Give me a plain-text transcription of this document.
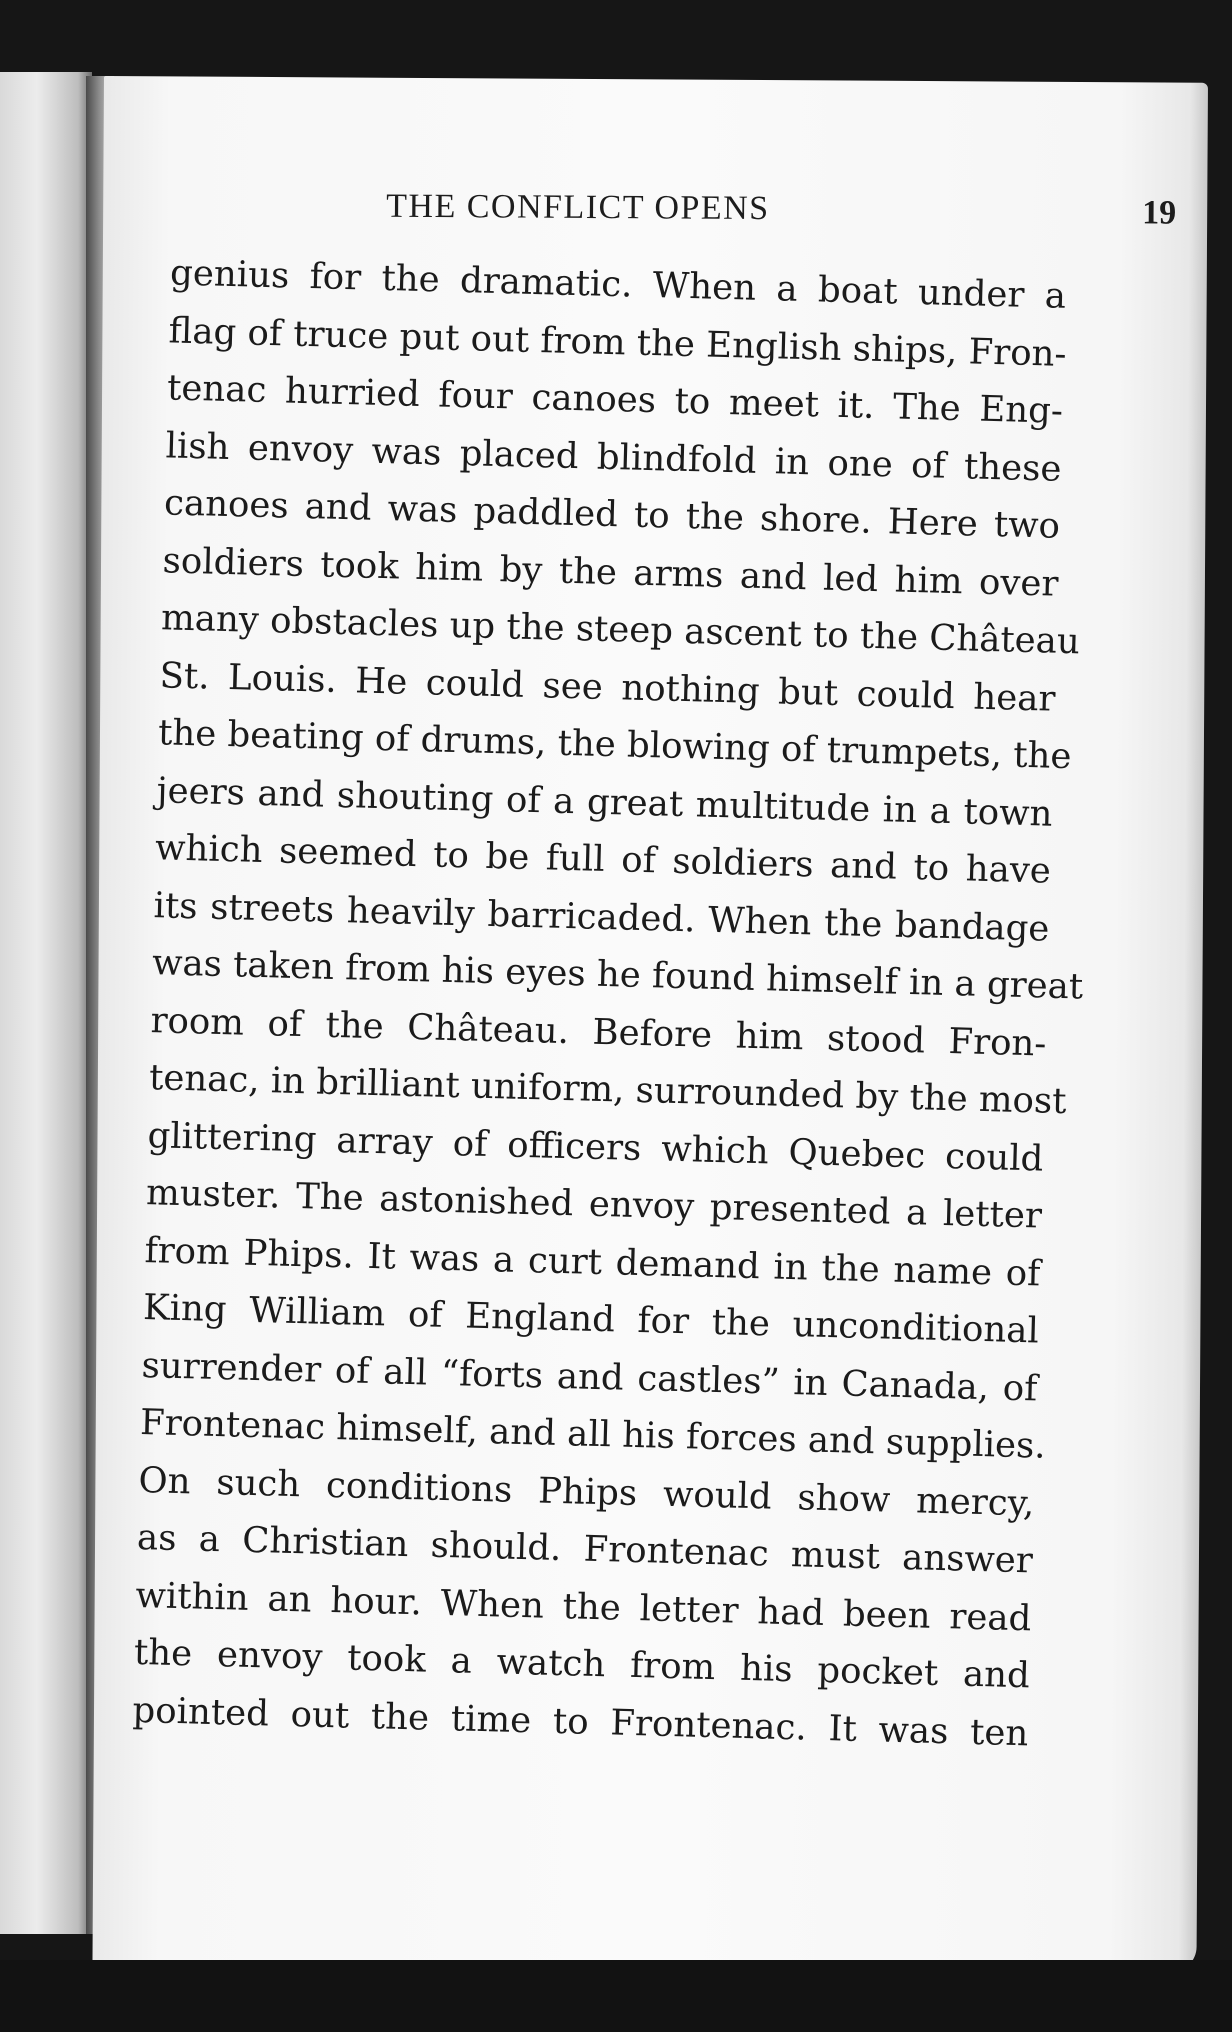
THE CONFLICT OPENS	19
genius for the dramatic. When a boat under a
flag of truce put out from the English ships, Fron-
tenac hurried four canoes to meet it. The Eng-
lish envoy was placed blindfold in one of these
canoes and was paddled to the shore. Here two
soldiers took him by the arms and led him over
many obstacles up the steep ascent to the Château
St. Louis. He could see nothing but could hear
the beating of drums, the blowing of trumpets, the
jeers and shouting of a great multitude in a town
which seemed to be full of soldiers and to have
its streets heavily barricaded. When the bandage
was taken from his eyes he found himself in a great
room of the Château. Before him stood Fron-
tenac, in brilliant uniform, surrounded by the most
glittering array of officers which Quebec could
muster. The astonished envoy presented a letter
from Phips. It was a curt demand in the name of
King William of England for the unconditional
surrender of all “forts and castles” in Canada, of
Frontenac himself, and all his forces and supplies.
On such conditions Phips would show mercy,
as a Christian should. Frontenac must answer
within an hour. When the letter had been read
the envoy took a watch from his pocket and
pointed out the time to Frontenac. It was ten
